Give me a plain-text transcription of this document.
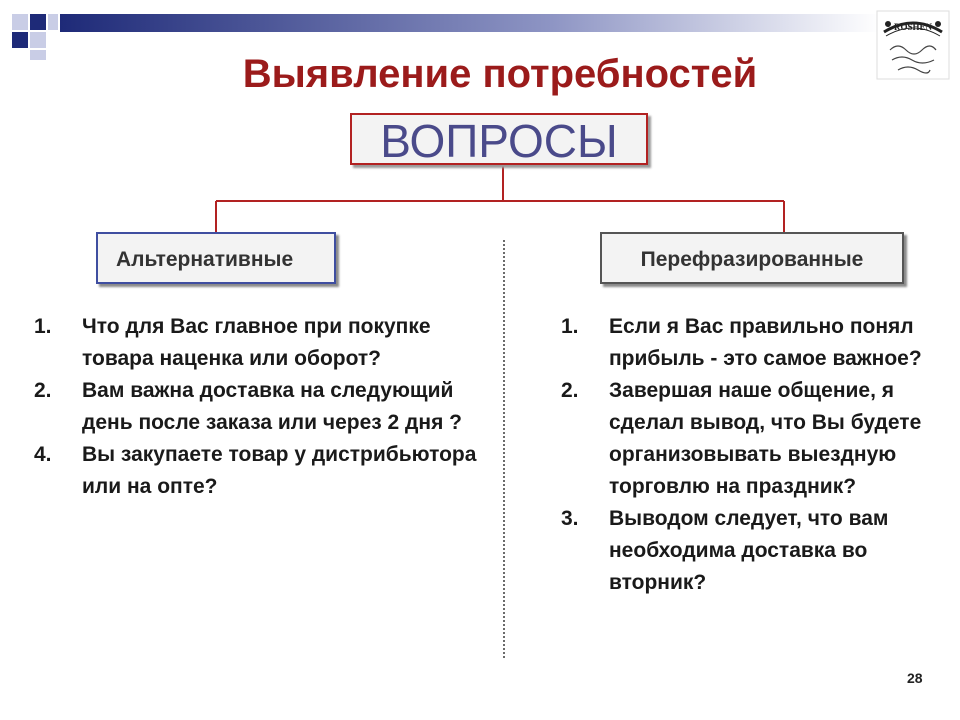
ROSHEN
Выявление потребностей
ВОПРОСЫ
Альтернативные	Перефразированные
1. Что для Вас главное при покупке товара наценка или оборот?
2. Вам важна доставка на следующий день после заказа или через 2 дня ?
4. Вы закупаете товар у дистрибьютора или на опте?
1. Если я Вас правильно понял прибыль - это самое важное?
2. Завершая наше общение, я сделал вывод, что Вы будете организовывать выездную торговлю на праздник?
3. Выводом следует, что вам необходима доставка во вторник?
28
